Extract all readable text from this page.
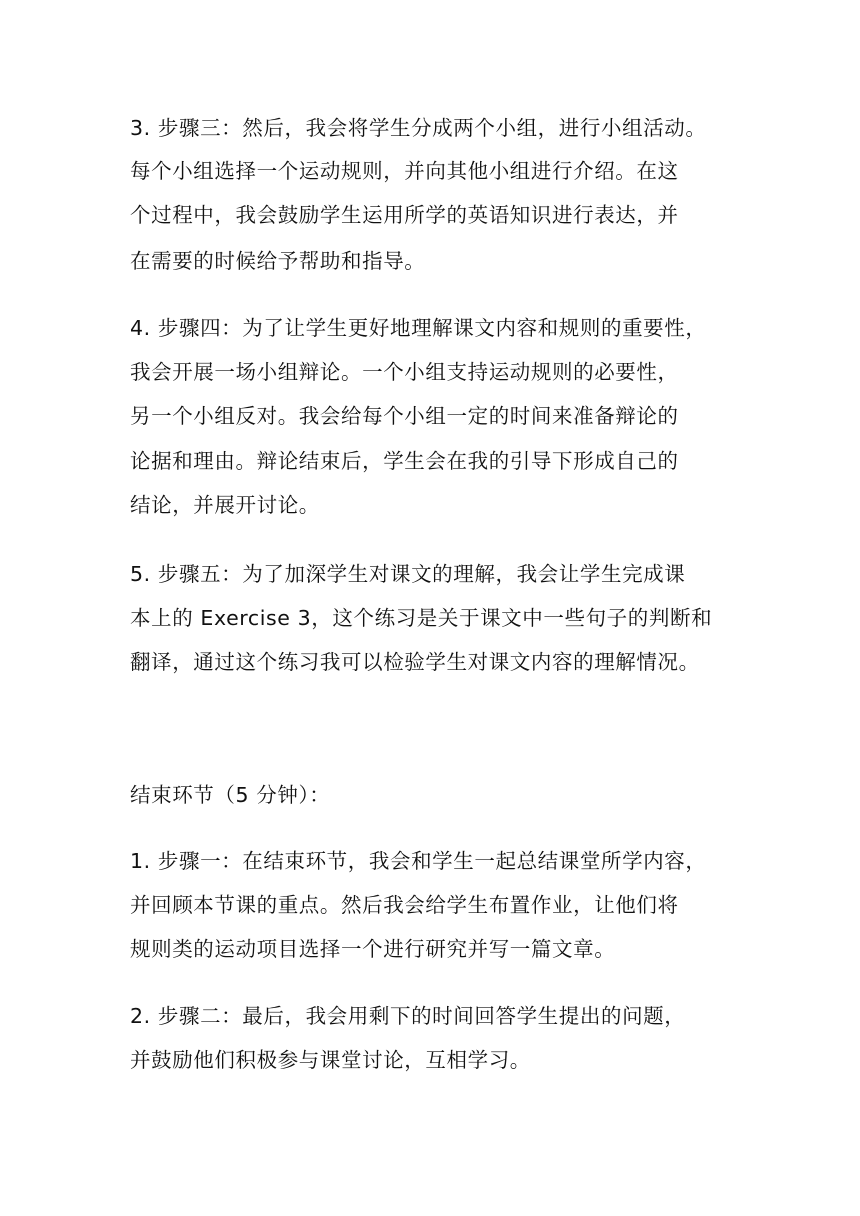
3. 步骤三：然后，我会将学生分成两个小组，进行小组活动。

每个小组选择一个运动规则，并向其他小组进行介绍。在这

个过程中，我会鼓励学生运用所学的英语知识进行表达，并

在需要的时候给予帮助和指导。

4. 步骤四：为了让学生更好地理解课文内容和规则的重要性，

我会开展一场小组辩论。一个小组支持运动规则的必要性，

另一个小组反对。我会给每个小组一定的时间来准备辩论的

论据和理由。辩论结束后，学生会在我的引导下形成自己的

结论，并展开讨论。

5. 步骤五：为了加深学生对课文的理解，我会让学生完成课

本上的 Exercise 3，这个练习是关于课文中一些句子的判断和

翻译，通过这个练习我可以检验学生对课文内容的理解情况。

结束环节（5 分钟）：

1. 步骤一：在结束环节，我会和学生一起总结课堂所学内容，

并回顾本节课的重点。然后我会给学生布置作业，让他们将

规则类的运动项目选择一个进行研究并写一篇文章。

2. 步骤二：最后，我会用剩下的时间回答学生提出的问题，

并鼓励他们积极参与课堂讨论，互相学习。
